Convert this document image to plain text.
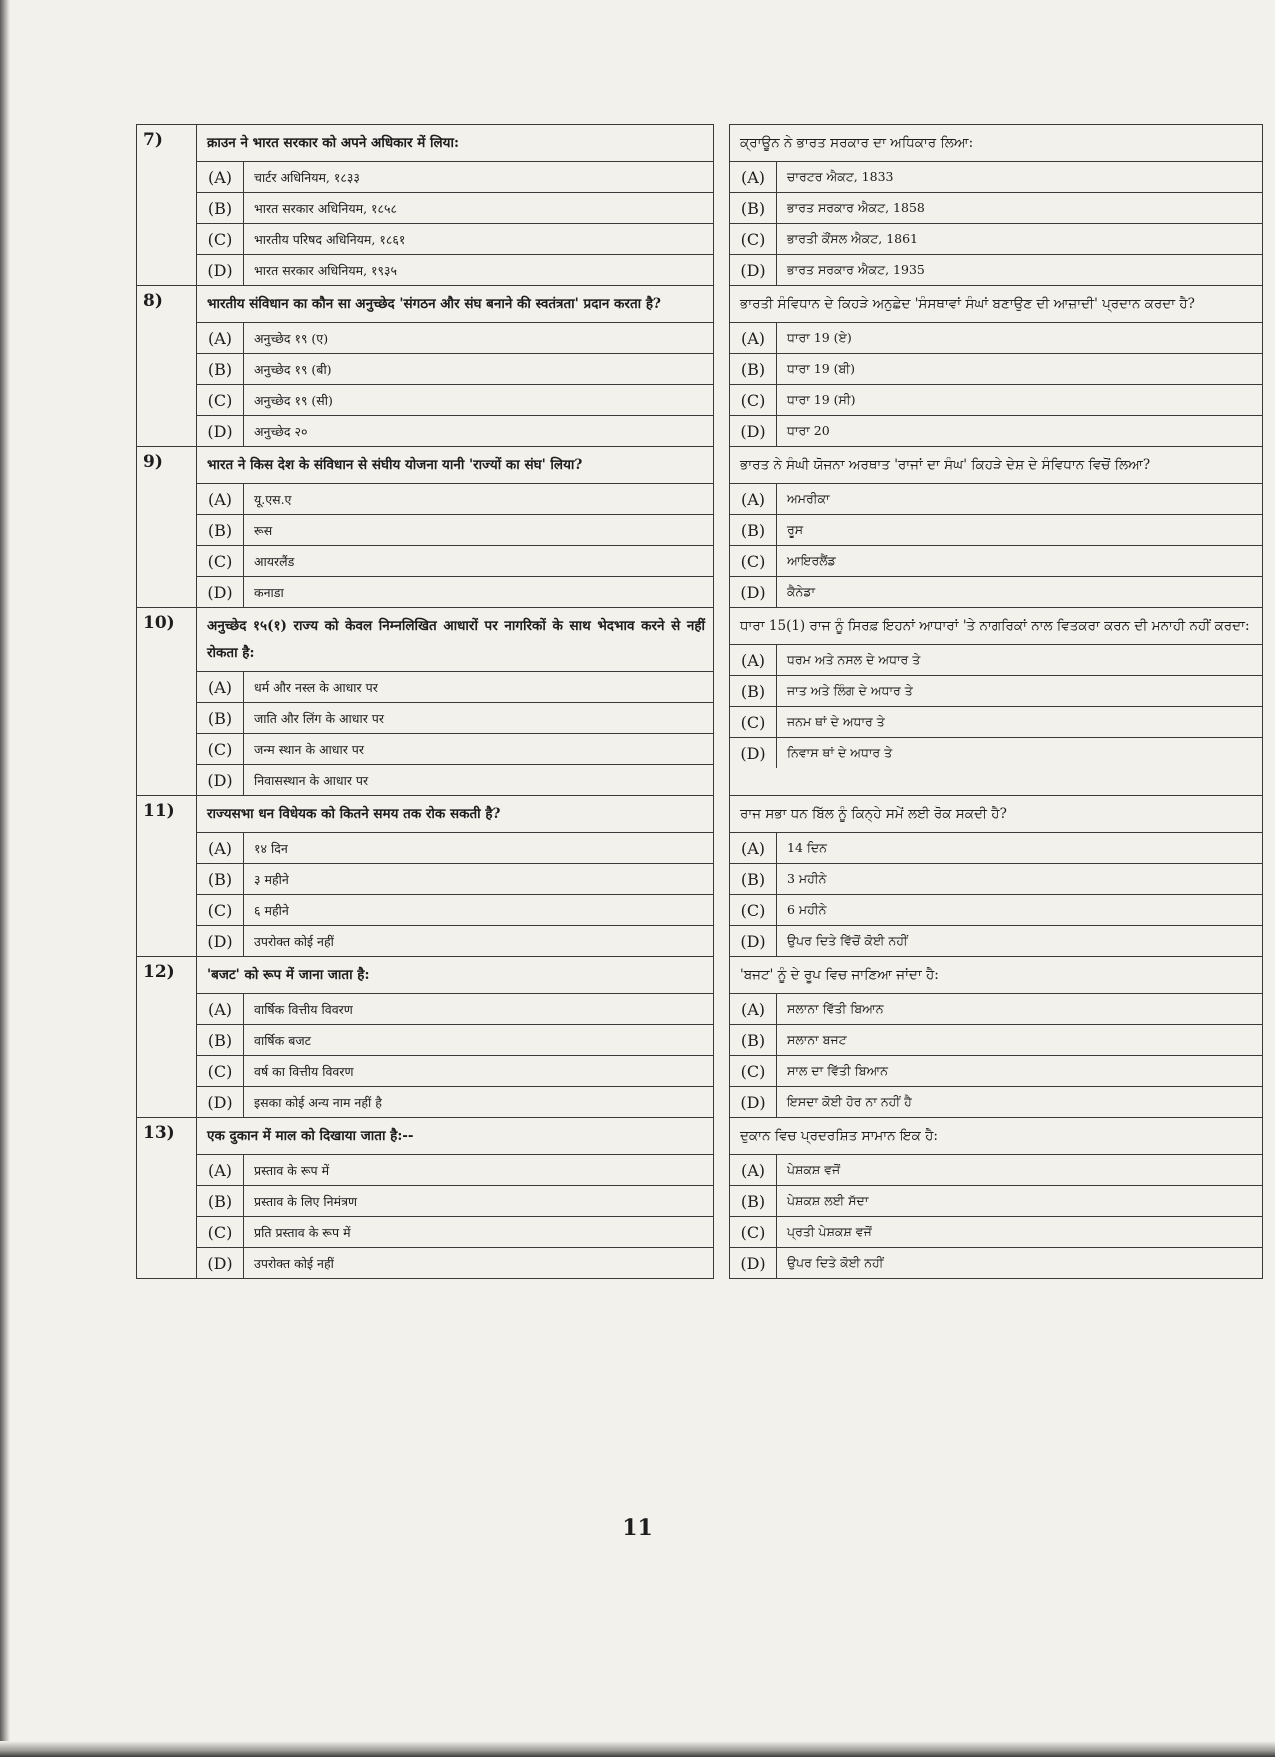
7)	क्राउन ने भारत सरकार को अपने अधिकार में लिया:
(A)	चार्टर अधिनियम, १८३३
(B)	भारत सरकार अधिनियम, १८५८
(C)	भारतीय परिषद अधिनियम, १८६१
(D)	भारत सरकार अधिनियम, १९३५

ਕ੍ਰਾਊਨ ਨੇ ਭਾਰਤ ਸਰਕਾਰ ਦਾ ਅਧਿਕਾਰ ਲਿਆ:
(A)	ਚਾਰਟਰ ਐਕਟ, 1833
(B)	ਭਾਰਤ ਸਰਕਾਰ ਐਕਟ, 1858
(C)	ਭਾਰਤੀ ਕੌਂਸਲ ਐਕਟ, 1861
(D)	ਭਾਰਤ ਸਰਕਾਰ ਐਕਟ, 1935

8)	भारतीय संविधान का कौन सा अनुच्छेद 'संगठन और संघ बनाने की स्वतंत्रता' प्रदान करता है?
(A)	अनुच्छेद १९ (ए)
(B)	अनुच्छेद १९ (बी)
(C)	अनुच्छेद १९ (सी)
(D)	अनुच्छेद २०

ਭਾਰਤੀ ਸੰਵਿਧਾਨ ਦੇ ਕਿਹੜੇ ਅਨੁਛੇਦ 'ਸੰਸਥਾਵਾਂ ਸੰਘਾਂ ਬਣਾਉਣ ਦੀ ਆਜ਼ਾਦੀ' ਪ੍ਰਦਾਨ ਕਰਦਾ ਹੈ?
(A)	ਧਾਰਾ 19 (ਏ)
(B)	ਧਾਰਾ 19 (ਬੀ)
(C)	ਧਾਰਾ 19 (ਸੀ)
(D)	ਧਾਰਾ 20

9)	भारत ने किस देश के संविधान से संघीय योजना यानी 'राज्यों का संघ' लिया?
(A)	यू.एस.ए
(B)	रूस
(C)	आयरलैंड
(D)	कनाडा

ਭਾਰਤ ਨੇ ਸੰਘੀ ਯੋਜਨਾ ਅਰਥਾਤ 'ਰਾਜਾਂ ਦਾ ਸੰਘ' ਕਿਹੜੇ ਦੇਸ਼ ਦੇ ਸੰਵਿਧਾਨ ਵਿਚੋਂ ਲਿਆ?
(A)	ਅਮਰੀਕਾ
(B)	ਰੂਸ
(C)	ਆਇਰਲੈਂਡ
(D)	ਕੈਨੇਡਾ

10)	अनुच्छेद १५(१) राज्य को केवल निम्नलिखित आधारों पर नागरिकों के साथ भेदभाव करने से नहीं रोकता है:
(A)	धर्म और नस्ल के आधार पर
(B)	जाति और लिंग के आधार पर
(C)	जन्म स्थान के आधार पर
(D)	निवासस्थान के आधार पर

ਧਾਰਾ 15(1) ਰਾਜ ਨੂੰ ਸਿਰਫ਼ ਇਹਨਾਂ ਆਧਾਰਾਂ 'ਤੇ ਨਾਗਰਿਕਾਂ ਨਾਲ ਵਿਤਕਰਾ ਕਰਨ ਦੀ ਮਨਾਹੀ ਨਹੀਂ ਕਰਦਾ:
(A)	ਧਰਮ ਅਤੇ ਨਸਲ ਦੇ ਅਧਾਰ ਤੇ
(B)	ਜਾਤ ਅਤੇ ਲਿੰਗ ਦੇ ਅਧਾਰ ਤੇ
(C)	ਜਨਮ ਥਾਂ ਦੇ ਅਧਾਰ ਤੇ
(D)	ਨਿਵਾਸ ਥਾਂ ਦੇ ਅਧਾਰ ਤੇ

11)	राज्यसभा धन विधेयक को कितने समय तक रोक सकती है?
(A)	१४ दिन
(B)	३ महीने
(C)	६ महीने
(D)	उपरोक्त कोई नहीं

ਰਾਜ ਸਭਾ ਧਨ ਬਿੱਲ ਨੂੰ ਕਿਨ੍ਹੇ ਸਮੇਂ ਲਈ ਰੋਕ ਸਕਦੀ ਹੈ?
(A)	14 ਦਿਨ
(B)	3 ਮਹੀਨੇ
(C)	6 ਮਹੀਨੇ
(D)	ਉਪਰ ਦਿਤੇ ਵਿੱਚੋਂ ਕੋਈ ਨਹੀਂ

12)	'बजट' को रूप में जाना जाता है:
(A)	वार्षिक वित्तीय विवरण
(B)	वार्षिक बजट
(C)	वर्ष का वित्तीय विवरण
(D)	इसका कोई अन्य नाम नहीं है

'ਬਜਟ' ਨੂੰ ਦੇ ਰੂਪ ਵਿਚ ਜਾਣਿਆ ਜਾਂਦਾ ਹੈ:
(A)	ਸਲਾਨਾ ਵਿੱਤੀ ਬਿਆਨ
(B)	ਸਲਾਨਾ ਬਜਟ
(C)	ਸਾਲ ਦਾ ਵਿੱਤੀ ਬਿਆਨ
(D)	ਇਸਦਾ ਕੋਈ ਹੋਰ ਨਾ ਨਹੀਂ ਹੈ

13)	एक दुकान में माल को दिखाया जाता है:--
(A)	प्रस्ताव के रूप में
(B)	प्रस्ताव के लिए निमंत्रण
(C)	प्रति प्रस्ताव के रूप में
(D)	उपरोक्त कोई नहीं

ਦੁਕਾਨ ਵਿਚ ਪ੍ਰਦਰਸ਼ਿਤ ਸਾਮਾਨ ਇਕ ਹੈ:
(A)	ਪੇਸ਼ਕਸ਼ ਵਜੋਂ
(B)	ਪੇਸ਼ਕਸ਼ ਲਈ ਸੱਦਾ
(C)	ਪ੍ਰਤੀ ਪੇਸ਼ਕਸ਼ ਵਜੋਂ
(D)	ਉਪਰ ਦਿਤੇ ਕੋਈ ਨਹੀਂ
11
